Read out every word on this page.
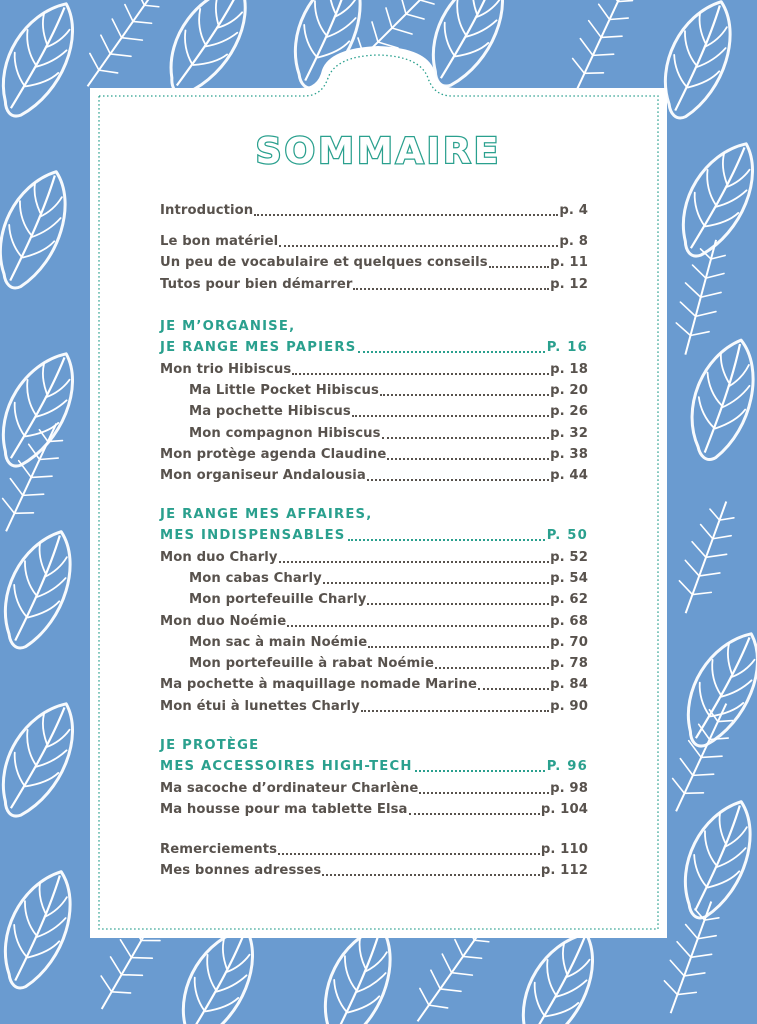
SOMMAIRE
Introduction	p. 4
Le bon matériel	p. 8
Un peu de vocabulaire et quelques conseils	p. 11
Tutos pour bien démarrer	p. 12
JE M’ORGANISE,
JE RANGE MES PAPIERS	P. 16
Mon trio Hibiscus	p. 18
Ma Little Pocket Hibiscus	p. 20
Ma pochette Hibiscus	p. 26
Mon compagnon Hibiscus	p. 32
Mon protège agenda Claudine	p. 38
Mon organiseur Andalousia	p. 44
JE RANGE MES AFFAIRES,
MES INDISPENSABLES	P. 50
Mon duo Charly	p. 52
Mon cabas Charly	p. 54
Mon portefeuille Charly	p. 62
Mon duo Noémie	p. 68
Mon sac à main Noémie	p. 70
Mon portefeuille à rabat Noémie	p. 78
Ma pochette à maquillage nomade Marine	p. 84
Mon étui à lunettes Charly	p. 90
JE PROTÈGE
MES ACCESSOIRES HIGH-TECH	P. 96
Ma sacoche d’ordinateur Charlène	p. 98
Ma housse pour ma tablette Elsa	p. 104
Remerciements	p. 110
Mes bonnes adresses	p. 112
